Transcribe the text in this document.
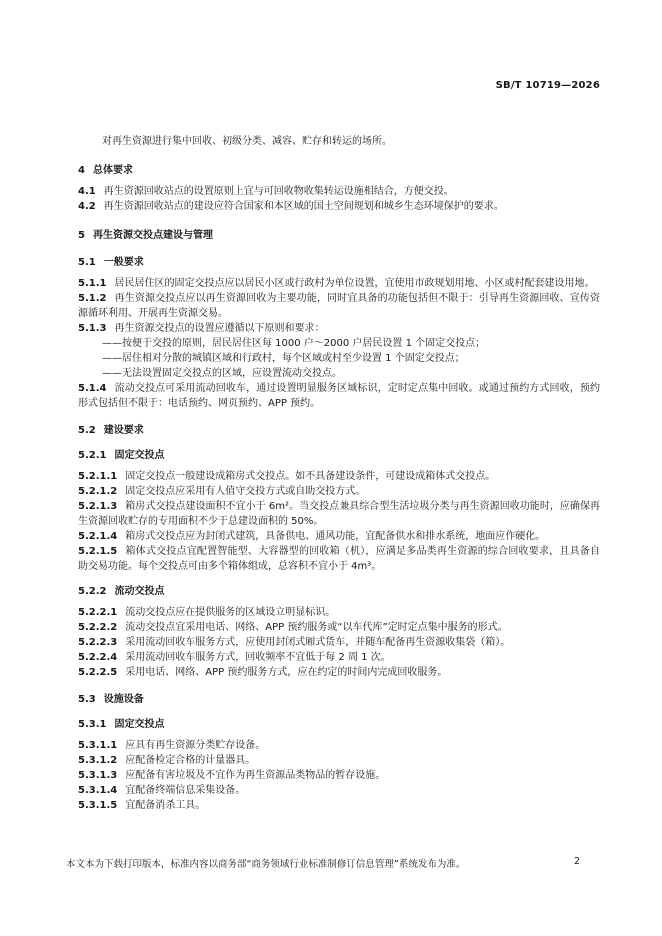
SB/T 10719—2026

对再生资源进行集中回收、初级分类、减容、贮存和转运的场所。

4 总体要求

4.1 再生资源回收站点的设置原则上宜与可回收物收集转运设施相结合，方便交投。

4.2 再生资源回收站点的建设应符合国家和本区域的国土空间规划和城乡生态环境保护的要求。

5 再生资源交投点建设与管理

5.1 一般要求

5.1.1 居民居住区的固定交投点应以居民小区或行政村为单位设置，宜使用市政规划用地、小区或村配套建设用地。

5.1.2 再生资源交投点应以再生资源回收为主要功能，同时宜具备的功能包括但不限于：引导再生资源回收、宣传资源循环利用、开展再生资源交易。

5.1.3 再生资源交投点的设置应遵循以下原则和要求：

——按便于交投的原则，居民居住区每 1000 户～2000 户居民设置 1 个固定交投点；

——居住相对分散的城镇区域和行政村，每个区域或村至少设置 1 个固定交投点；

——无法设置固定交投点的区域，应设置流动交投点。

5.1.4 流动交投点可采用流动回收车，通过设置明显服务区域标识，定时定点集中回收。或通过预约方式回收，预约形式包括但不限于：电话预约、网页预约、APP 预约。

5.2 建设要求

5.2.1 固定交投点

5.2.1.1 固定交投点一般建设成箱房式交投点。如不具备建设条件，可建设成箱体式交投点。

5.2.1.2 固定交投点应采用有人值守交投方式或自助交投方式。

5.2.1.3 箱房式交投点建设面积不宜小于 6m²。当交投点兼具综合型生活垃圾分类与再生资源回收功能时，应确保再生资源回收贮存的专用面积不少于总建设面积的 50%。

5.2.1.4 箱房式交投点应为封闭式建筑，具备供电、通风功能，宜配备供水和排水系统，地面应作硬化。

5.2.1.5 箱体式交投点宜配置智能型、大容器型的回收箱（机），应满足多品类再生资源的综合回收要求，且具备自助交易功能。每个交投点可由多个箱体组成，总容积不宜小于 4m³。

5.2.2 流动交投点

5.2.2.1 流动交投点应在提供服务的区域设立明显标识。

5.2.2.2 流动交投点宜采用电话、网络、APP 预约服务或“以车代库”定时定点集中服务的形式。

5.2.2.3 采用流动回收车服务方式，应使用封闭式厢式货车，并随车配备再生资源收集袋（箱）。

5.2.2.4 采用流动回收车服务方式，回收频率不宜低于每 2 周 1 次。

5.2.2.5 采用电话、网络、APP 预约服务方式，应在约定的时间内完成回收服务。

5.3 设施设备

5.3.1 固定交投点

5.3.1.1 应具有再生资源分类贮存设备。

5.3.1.2 应配备检定合格的计量器具。

5.3.1.3 应配备有害垃圾及不宜作为再生资源品类物品的暂存设施。

5.3.1.4 宜配备终端信息采集设备。

5.3.1.5 宜配备消杀工具。

本文本为下载打印版本，标准内容以商务部“商务领域行业标准制修订信息管理”系统发布为准。	2
